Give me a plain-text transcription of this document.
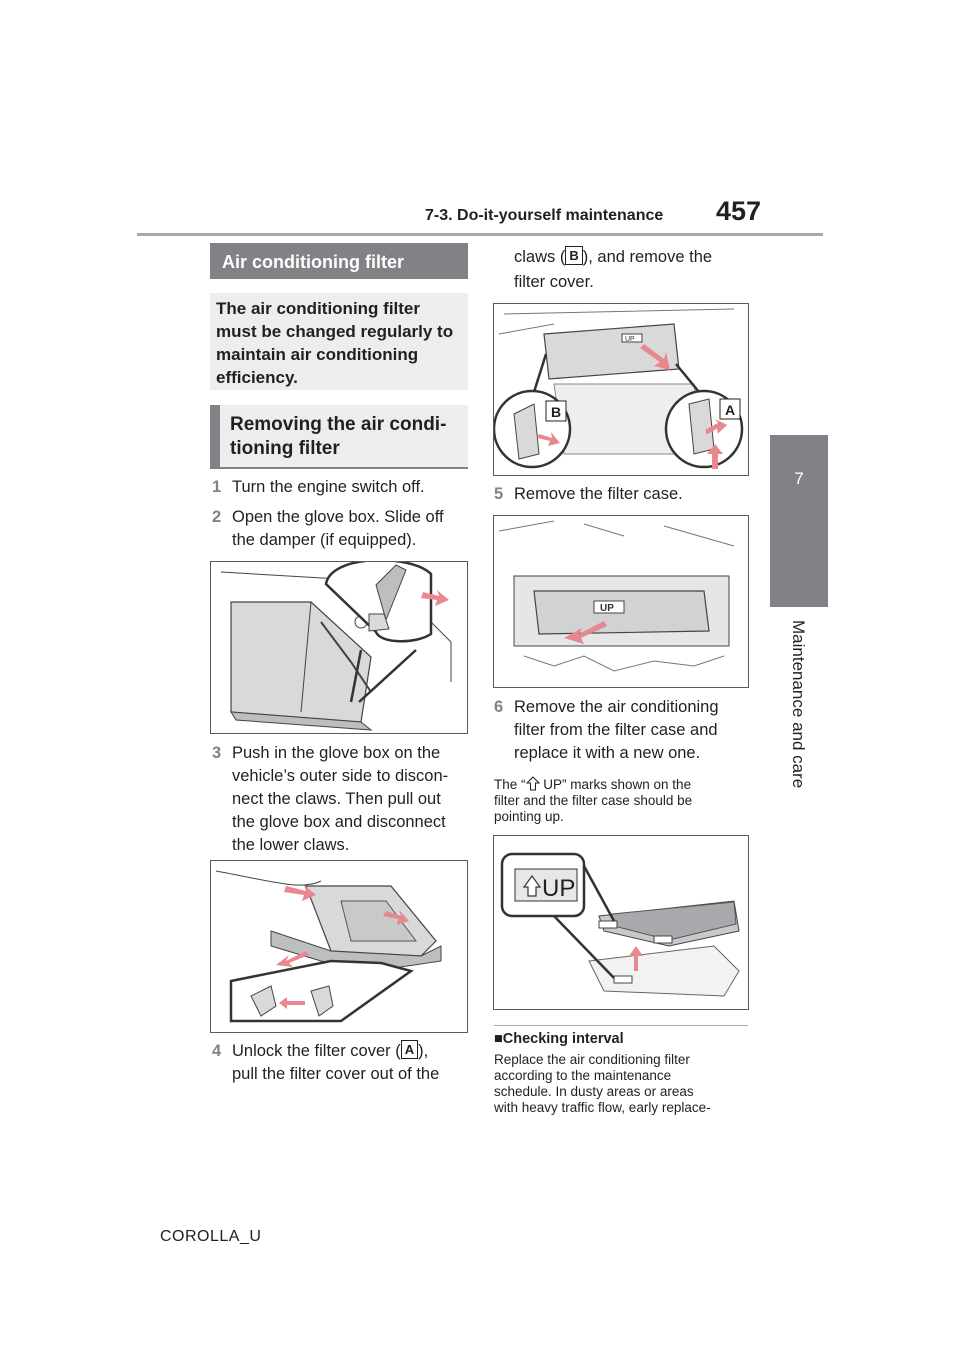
7-3. Do-it-yourself maintenance 457
7
Maintenance and care
Air conditioning filter
The air conditioning filter must be changed regularly to maintain air conditioning efficiency.
Removing the air condi-
tioning filter
1 Turn the engine switch off.
2 Open the glove box. Slide off
the damper (if equipped).
3 Push in the glove box on the
vehicle’s outer side to discon-
nect the claws. Then pull out
the glove box and disconnect
the lower claws.
4 Unlock the filter cover ( A ),
pull the filter cover out of the
claws ( B ), and remove the
filter cover.
UP
B	A
5 Remove the filter case.
UP
6 Remove the air conditioning
filter from the filter case and
replace it with a new one.
The “ UP” marks shown on the
filter and the filter case should be
pointing up.
UP
■Checking interval
Replace the air conditioning filter
according to the maintenance
schedule. In dusty areas or areas
with heavy traffic flow, early replace-
COROLLA_U
